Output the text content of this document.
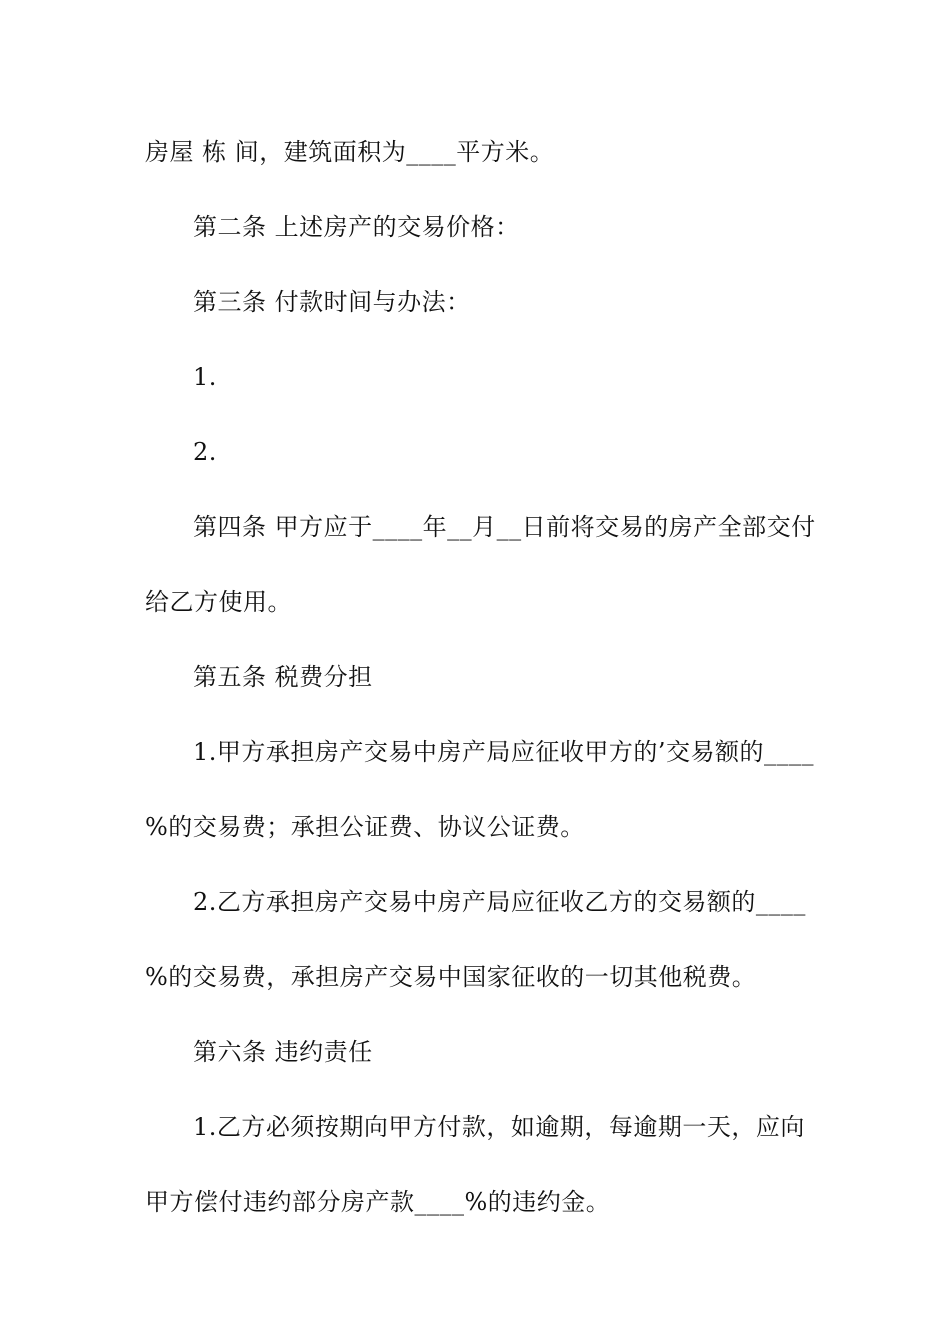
房屋 栋 间，建筑面积为____平方米。
第二条 上述房产的交易价格：
第三条 付款时间与办法：
1.
2.
第四条 甲方应于____年__月__日前将交易的房产全部交付
给乙方使用。
第五条 税费分担
1.甲方承担房产交易中房产局应征收甲方的’交易额的____
%的交易费；承担公证费、协议公证费。
2.乙方承担房产交易中房产局应征收乙方的交易额的____
%的交易费，承担房产交易中国家征收的一切其他税费。
第六条 违约责任
1.乙方必须按期向甲方付款，如逾期，每逾期一天，应向
甲方偿付违约部分房产款____%的违约金。
